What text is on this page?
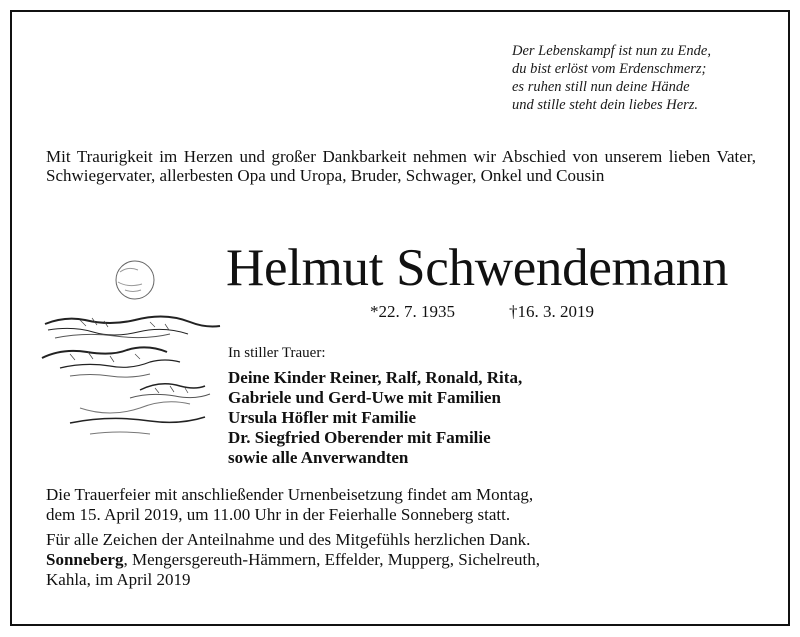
Der Lebenskampf ist nun zu Ende,
du bist erlöst vom Erdenschmerz;
es ruhen still nun deine Hände
und stille steht dein liebes Herz.
Mit Traurigkeit im Herzen und großer Dankbarkeit nehmen wir Abschied von unserem lieben Vater, Schwiegervater, allerbesten Opa und Uropa, Bruder, Schwager, Onkel und Cousin
Helmut Schwendemann
*22. 7. 1935	†16. 3. 2019
In stiller Trauer:
Deine Kinder Reiner, Ralf, Ronald, Rita,
Gabriele und Gerd-Uwe mit Familien
Ursula Höfler mit Familie
Dr. Siegfried Oberender mit Familie
sowie alle Anverwandten
Die Trauerfeier mit anschließender Urnenbeisetzung findet am Montag,
dem 15. April 2019, um 11.00 Uhr in der Feierhalle Sonneberg statt.
Für alle Zeichen der Anteilnahme und des Mitgefühls herzlichen Dank.
Sonneberg, Mengersgereuth-Hämmern, Effelder, Mupperg, Sichelreuth,
Kahla, im April 2019
